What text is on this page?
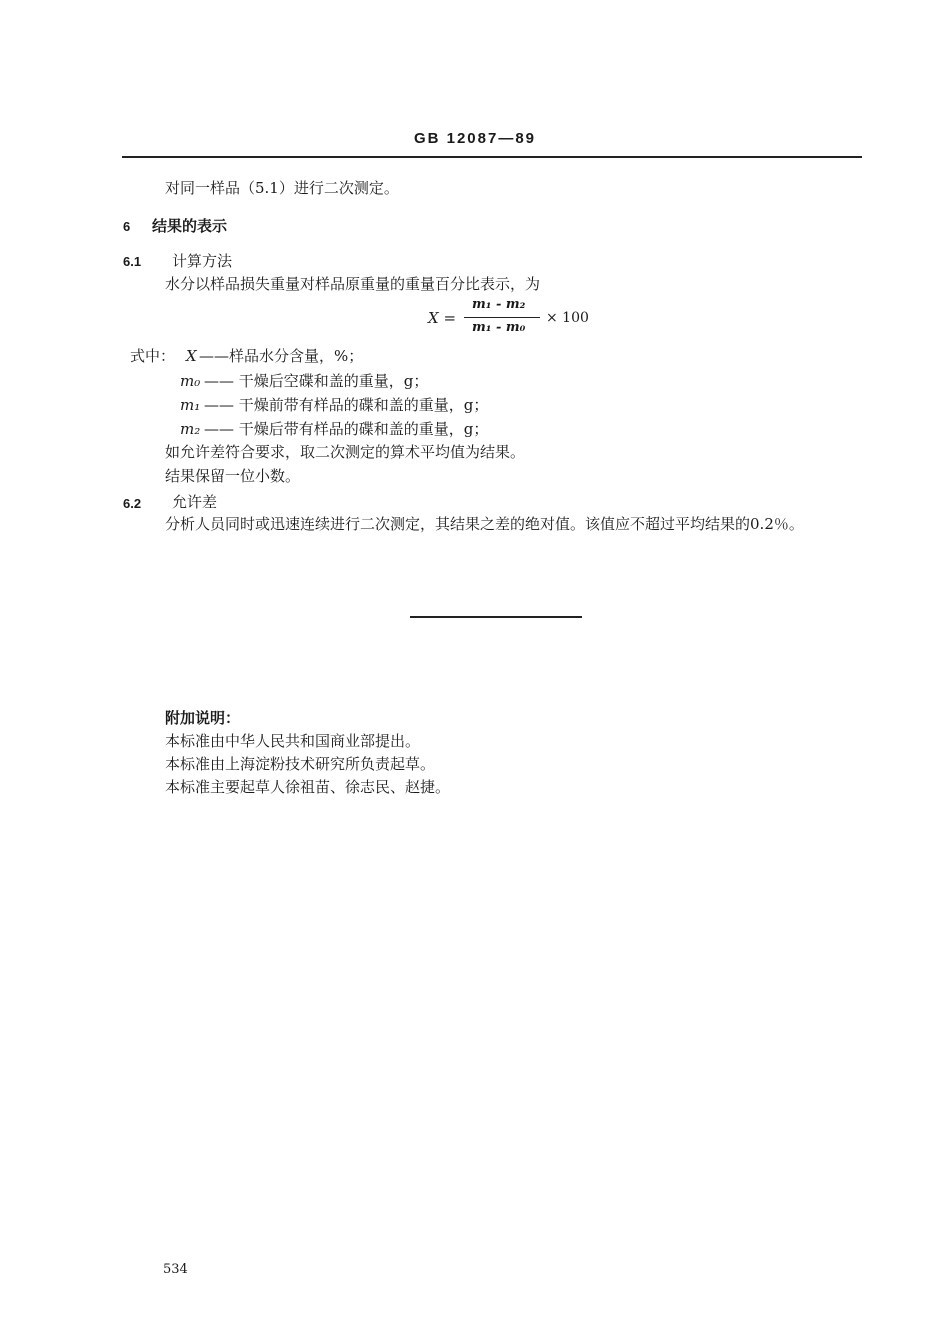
GB 12087—89
对同一样品（5.1）进行二次测定。
6 结果的表示
6.1 计算方法
水分以样品损失重量对样品原重量的重量百分比表示，为
X =
m₁ - m₂
m₁ - m₀
× 100
式中： X ——样品水分含量，%；
m₀ —— 干燥后空碟和盖的重量，g；
m₁ —— 干燥前带有样品的碟和盖的重量，g；
m₂ —— 干燥后带有样品的碟和盖的重量，g；
如允许差符合要求，取二次测定的算术平均值为结果。
结果保留一位小数。
6.2 允许差
分析人员同时或迅速连续进行二次测定，其结果之差的绝对值。该值应不超过平均结果的0.2％。
附加说明：
本标准由中华人民共和国商业部提出。
本标准由上海淀粉技术研究所负责起草。
本标准主要起草人徐祖苗、徐志民、赵捷。
534
